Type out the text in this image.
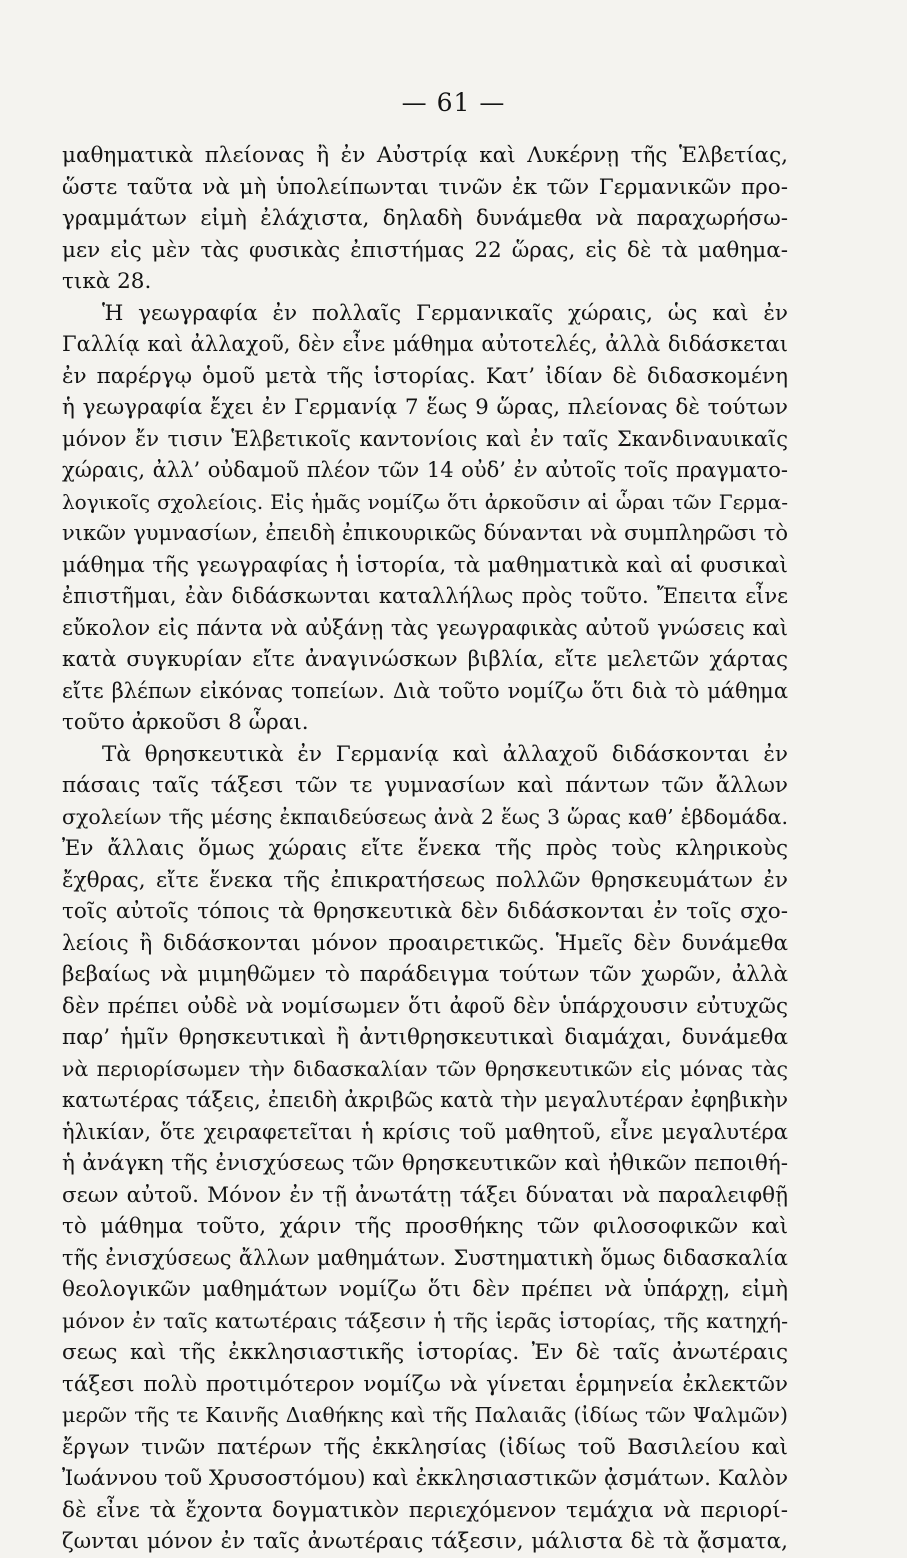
— 61 —
μαθηματικὰ πλείονας ἢ ἐν Αὐστρίᾳ καὶ Λυκέρνῃ τῆς Ἑλβετίας,
ὥστε ταῦτα νὰ μὴ ὑπολείπωνται τινῶν ἐκ τῶν Γερμανικῶν προ-
γραμμάτων εἰμὴ ἐλάχιστα, δηλαδὴ δυνάμεθα νὰ παραχωρήσω-
μεν εἰς μὲν τὰς φυσικὰς ἐπιστήμας 22 ὥρας, εἰς δὲ τὰ μαθημα-
τικὰ 28.
Ἡ γεωγραφία ἐν πολλαῖς Γερμανικαῖς χώραις, ὡς καὶ ἐν
Γαλλίᾳ καὶ ἀλλαχοῦ, δὲν εἶνε μάθημα αὐτοτελές, ἀλλὰ διδάσκεται
ἐν παρέργῳ ὁμοῦ μετὰ τῆς ἱστορίας. Κατ’ ἰδίαν δὲ διδασκομένη
ἡ γεωγραφία ἔχει ἐν Γερμανίᾳ 7 ἕως 9 ὥρας, πλείονας δὲ τούτων
μόνον ἔν τισιν Ἑλβετικοῖς καντονίοις καὶ ἐν ταῖς Σκανδιναυικαῖς
χώραις, ἀλλ’ οὐδαμοῦ πλέον τῶν 14 οὐδ’ ἐν αὐτοῖς τοῖς πραγματο-
λογικοῖς σχολείοις. Εἰς ἡμᾶς νομίζω ὅτι ἀρκοῦσιν αἱ ὧραι τῶν Γερμα-
νικῶν γυμνασίων, ἐπειδὴ ἐπικουρικῶς δύνανται νὰ συμπληρῶσι τὸ
μάθημα τῆς γεωγραφίας ἡ ἱστορία, τὰ μαθηματικὰ καὶ αἱ φυσικαὶ
ἐπιστῆμαι, ἐὰν διδάσκωνται καταλλήλως πρὸς τοῦτο. Ἔπειτα εἶνε
εὔκολον εἰς πάντα νὰ αὐξάνῃ τὰς γεωγραφικὰς αὐτοῦ γνώσεις καὶ
κατὰ συγκυρίαν εἴτε ἀναγινώσκων βιβλία, εἴτε μελετῶν χάρτας
εἴτε βλέπων εἰκόνας τοπείων. Διὰ τοῦτο νομίζω ὅτι διὰ τὸ μάθημα
τοῦτο ἀρκοῦσι 8 ὧραι.
Τὰ θρησκευτικὰ ἐν Γερμανίᾳ καὶ ἀλλαχοῦ διδάσκονται ἐν
πάσαις ταῖς τάξεσι τῶν τε γυμνασίων καὶ πάντων τῶν ἄλλων
σχολείων τῆς μέσης ἐκπαιδεύσεως ἀνὰ 2 ἕως 3 ὥρας καθ’ ἑβδομάδα.
Ἐν ἄλλαις ὅμως χώραις εἴτε ἕνεκα τῆς πρὸς τοὺς κληρικοὺς
ἔχθρας, εἴτε ἕνεκα τῆς ἐπικρατήσεως πολλῶν θρησκευμάτων ἐν
τοῖς αὐτοῖς τόποις τὰ θρησκευτικὰ δὲν διδάσκονται ἐν τοῖς σχο-
λείοις ἢ διδάσκονται μόνον προαιρετικῶς. Ἡμεῖς δὲν δυνάμεθα
βεβαίως νὰ μιμηθῶμεν τὸ παράδειγμα τούτων τῶν χωρῶν, ἀλλὰ
δὲν πρέπει οὐδὲ νὰ νομίσωμεν ὅτι ἀφοῦ δὲν ὑπάρχουσιν εὐτυχῶς
παρ’ ἡμῖν θρησκευτικαὶ ἢ ἀντιθρησκευτικαὶ διαμάχαι, δυνάμεθα
νὰ περιορίσωμεν τὴν διδασκαλίαν τῶν θρησκευτικῶν εἰς μόνας τὰς
κατωτέρας τάξεις, ἐπειδὴ ἀκριβῶς κατὰ τὴν μεγαλυτέραν ἐφηβικὴν
ἡλικίαν, ὅτε χειραφετεῖται ἡ κρίσις τοῦ μαθητοῦ, εἶνε μεγαλυτέρα
ἡ ἀνάγκη τῆς ἐνισχύσεως τῶν θρησκευτικῶν καὶ ἠθικῶν πεποιθή-
σεων αὐτοῦ. Μόνον ἐν τῇ ἀνωτάτῃ τάξει δύναται νὰ παραλειφθῇ
τὸ μάθημα τοῦτο, χάριν τῆς προσθήκης τῶν φιλοσοφικῶν καὶ
τῆς ἐνισχύσεως ἄλλων μαθημάτων. Συστηματικὴ ὅμως διδασκαλία
θεολογικῶν μαθημάτων νομίζω ὅτι δὲν πρέπει νὰ ὑπάρχῃ, εἰμὴ
μόνον ἐν ταῖς κατωτέραις τάξεσιν ἡ τῆς ἱερᾶς ἱστορίας, τῆς κατηχή-
σεως καὶ τῆς ἐκκλησιαστικῆς ἱστορίας. Ἐν δὲ ταῖς ἀνωτέραις
τάξεσι πολὺ προτιμότερον νομίζω νὰ γίνεται ἑρμηνεία ἐκλεκτῶν
μερῶν τῆς τε Καινῆς Διαθήκης καὶ τῆς Παλαιᾶς (ἰδίως τῶν Ψαλμῶν)
ἔργων τινῶν πατέρων τῆς ἐκκλησίας (ἰδίως τοῦ Βασιλείου καὶ
Ἰωάννου τοῦ Χρυσοστόμου) καὶ ἐκκλησιαστικῶν ᾀσμάτων. Καλὸν
δὲ εἶνε τὰ ἔχοντα δογματικὸν περιεχόμενον τεμάχια νὰ περιορί-
ζωνται μόνον ἐν ταῖς ἀνωτέραις τάξεσιν, μάλιστα δὲ τὰ ᾄσματα,
